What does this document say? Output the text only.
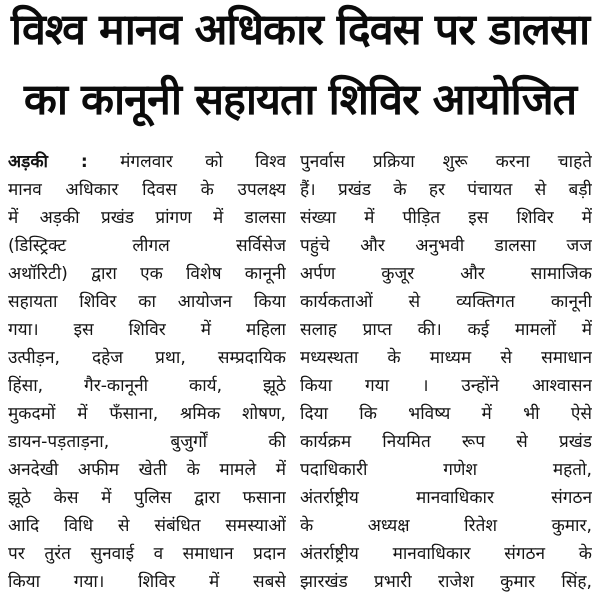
विश्व मानव अधिकार दिवस पर डालसा
का कानूनी सहायता शिविर आयोजित
अड़की : मंगलवार को विश्व
मानव अधिकार दिवस के उपलक्ष्य
में अड़की प्रखंड प्रांगण में डालसा
(डिस्ट्रिक्ट लीगल सर्विसेज
अथॉरिटी) द्वारा एक विशेष कानूनी
सहायता शिविर का आयोजन किया
गया। इस शिविर में महिला
उत्पीड़न, दहेज प्रथा, सम्प्रदायिक
हिंसा, गैर-कानूनी कार्य, झूठे
मुकदमों में फँसाना, श्रमिक शोषण,
डायन-पड़ताड़ना, बुजुर्गों की
अनदेखी अफीम खेती के मामले में
झूठे केस में पुलिस द्वारा फसाना
आदि विधि से संबंधित समस्याओं
पर तुरंत सुनवाई व समाधान प्रदान
किया गया। शिविर में सबसे
पुनर्वास प्रक्रिया शुरू करना चाहते
हैं। प्रखंड के हर पंचायत से बड़ी
संख्या में पीड़ित इस शिविर में
पहुंचे और अनुभवी डालसा जज
अर्पण कुजूर और सामाजिक
कार्यकताओं से व्यक्तिगत कानूनी
सलाह प्राप्त की। कई मामलों में
मध्यस्थता के माध्यम से समाधान
किया गया । उन्होंने आश्वासन
दिया कि भविष्य में भी ऐसे
कार्यक्रम नियमित रूप से प्रखंड
पदाधिकारी गणेश महतो,
अंतर्राष्ट्रीय मानवाधिकार संगठन
के अध्यक्ष रितेश कुमार,
अंतर्राष्ट्रीय मानवाधिकार संगठन के
झारखंड प्रभारी राजेश कुमार सिंह,
